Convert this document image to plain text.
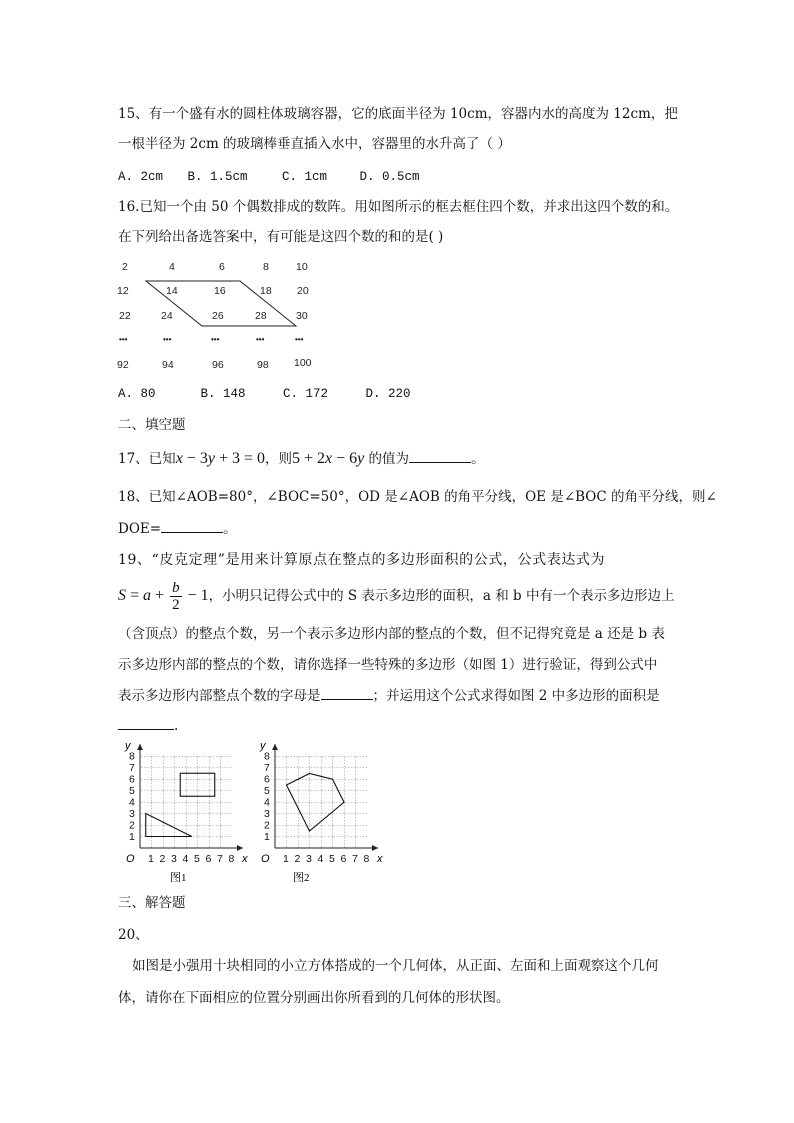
15、有一个盛有水的圆柱体玻璃容器，它的底面半径为 10cm，容器内水的高度为 12cm，把
一根半径为 2cm 的玻璃棒垂直插入水中，容器里的水升高了（ ）
A. 2cm B. 1.5cm	C. 1cm	D. 0.5cm
16.已知一个由 50 个偶数排成的数阵。用如图所示的框去框住四个数，并求出这四个数的和。
在下列给出备选答案中，有可能是这四个数的和的是( )
2	4	6	8	10
12	14	16	18 20
22	24	26	28	30
•••	•••	•••	•••	•••
92	94	96	98 100
A. 80	B. 148	C. 172	D. 220
二、填空题
17、已知x − 3y + 3 = 0，则5 + 2x − 6y 的值为	。
18、已知∠AOB=80°，∠BOC=50°，OD 是∠AOB 的角平分线，OE 是∠BOC 的角平分线，则∠
DOE=	。
19、“皮克定理”是用来计算原点在整点的多边形面积的公式，公式表达式为
$S = a + \frac{b}{2} - 1$，小明只记得公式中的 S 表示多边形的面积，a 和 b 中有一个表示多边形边上
（含顶点）的整点个数，另一个表示多边形内部的整点的个数，但不记得究竟是 a 还是 b 表
示多边形内部的整点的个数，请你选择一些特殊的多边形（如图 1）进行验证，得到公式中
表示多边形内部整点个数的字母是	；并运用这个公式求得如图 2 中多边形的面积是
.
y
x
O 1 2 3 4 5 6 7 8
1
2
3
4
5
6
7
8
图1
y
x
O 1 2 3 4 5 6 7 8
1
2
3
4
5
6
7
8
图2
三、解答题
20、
如图是小强用十块相同的小立方体搭成的一个几何体，从正面、左面和上面观察这个几何
体，请你在下面相应的位置分别画出你所看到的几何体的形状图。
